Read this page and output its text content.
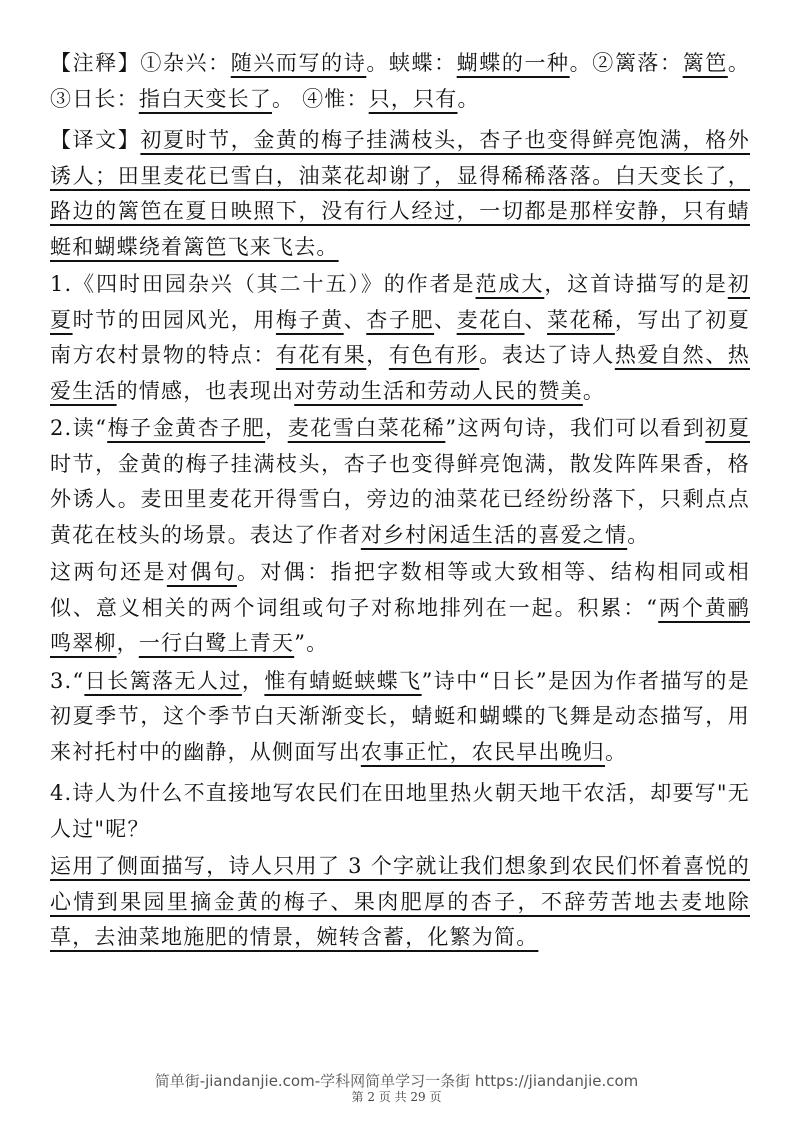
【注释】①杂兴：随兴而写的诗。蛱蝶：蝴蝶的一种。②篱落：篱笆。③日长：指白天变长了。 ④惟：只，只有。

【译文】初夏时节，金黄的梅子挂满枝头，杏子也变得鲜亮饱满，格外诱人；田里麦花已雪白，油菜花却谢了，显得稀稀落落。白天变长了，路边的篱笆在夏日映照下，没有行人经过，一切都是那样安静，只有蜻蜓和蝴蝶绕着篱笆飞来飞去。

1.《四时田园杂兴（其二十五）》的作者是范成大，这首诗描写的是初夏时节的田园风光，用梅子黄、杏子肥、麦花白、菜花稀，写出了初夏南方农村景物的特点：有花有果，有色有形。表达了诗人热爱自然、热爱生活的情感，也表现出对劳动生活和劳动人民的赞美。

2.读“梅子金黄杏子肥，麦花雪白菜花稀”这两句诗，我们可以看到初夏时节，金黄的梅子挂满枝头，杏子也变得鲜亮饱满，散发阵阵果香，格外诱人。麦田里麦花开得雪白，旁边的油菜花已经纷纷落下，只剩点点黄花在枝头的场景。表达了作者对乡村闲适生活的喜爱之情。

这两句还是对偶句。对偶：指把字数相等或大致相等、结构相同或相似、意义相关的两个词组或句子对称地排列在一起。积累：“两个黄鹂鸣翠柳，一行白鹭上青天”。

3.“日长篱落无人过，惟有蜻蜓蛱蝶飞”诗中“日长”是因为作者描写的是初夏季节，这个季节白天渐渐变长，蜻蜓和蝴蝶的飞舞是动态描写，用来衬托村中的幽静，从侧面写出农事正忙，农民早出晚归。

4.诗人为什么不直接地写农民们在田地里热火朝天地干农活，却要写"无人过"呢？

运用了侧面描写，诗人只用了 3 个字就让我们想象到农民们怀着喜悦的心情到果园里摘金黄的梅子、果肉肥厚的杏子，不辞劳苦地去麦地除草，去油菜地施肥的情景，婉转含蓄，化繁为简。

简单街-jiandanjie.com-学科网简单学习一条街 https://jiandanjie.com
第 2 页 共 29 页
